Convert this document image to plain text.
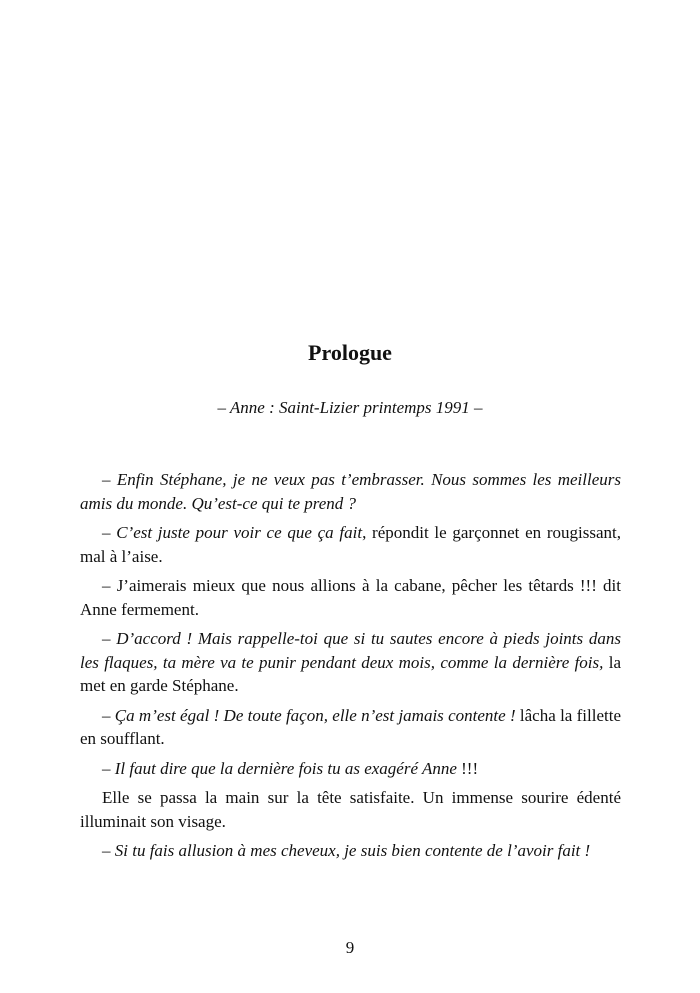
Prologue
– Anne : Saint-Lizier printemps 1991 –

– Enfin Stéphane, je ne veux pas t’embrasser. Nous sommes les meilleurs amis du monde. Qu’est-ce qui te prend ?

– C’est juste pour voir ce que ça fait, répondit le garçonnet en rougissant, mal à l’aise.

– J’aimerais mieux que nous allions à la cabane, pêcher les têtards !!! dit Anne fermement.

– D’accord ! Mais rappelle-toi que si tu sautes encore à pieds joints dans les flaques, ta mère va te punir pendant deux mois, comme la dernière fois, la met en garde Stéphane.

– Ça m’est égal ! De toute façon, elle n’est jamais contente ! lâcha la fillette en soufflant.

– Il faut dire que la dernière fois tu as exagéré Anne !!!

Elle se passa la main sur la tête satisfaite. Un immense sourire édenté illuminait son visage.

– Si tu fais allusion à mes cheveux, je suis bien contente de l’avoir fait !

9
